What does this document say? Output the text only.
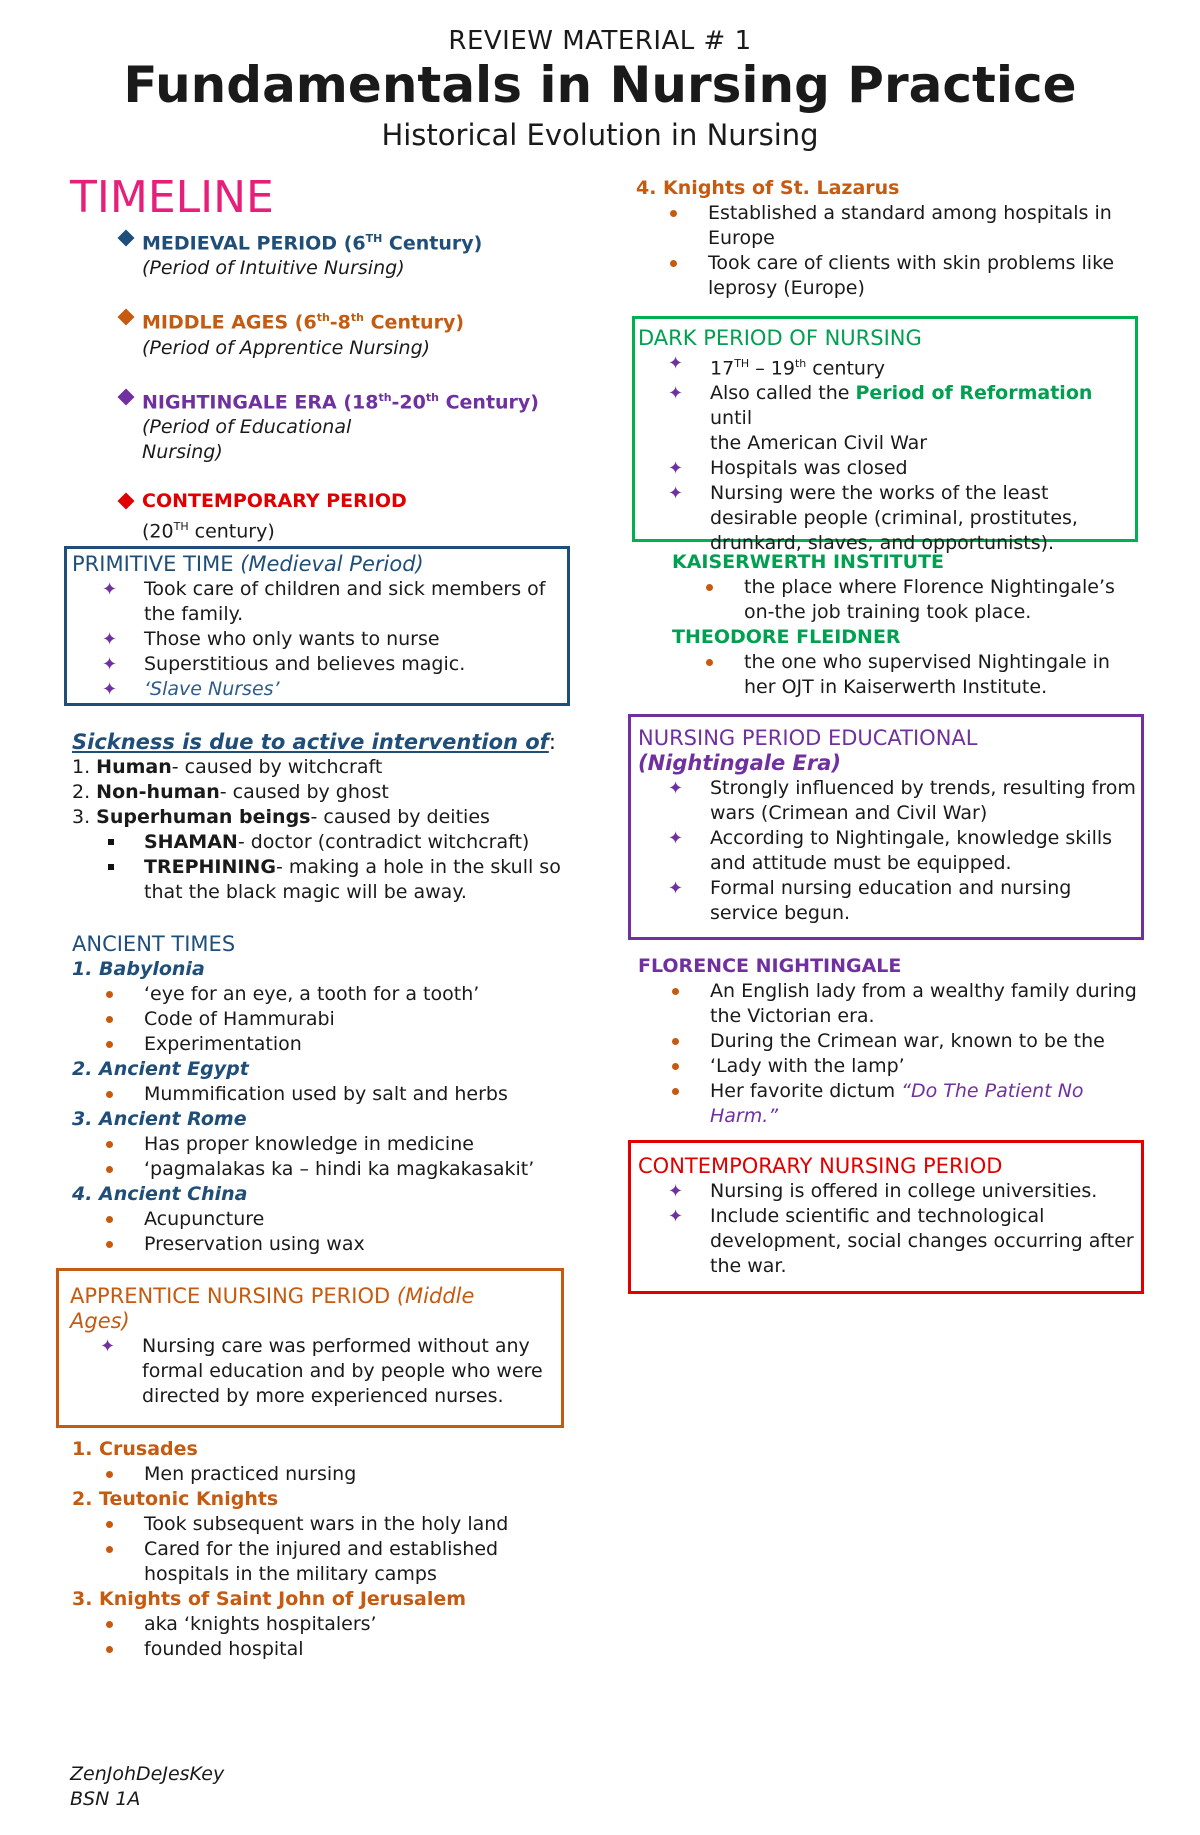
REVIEW MATERIAL # 1
Fundamentals in Nursing Practice
Historical Evolution in Nursing
TIMELINE
MEDIEVAL PERIOD (6TH Century)
(Period of Intuitive Nursing)
MIDDLE AGES (6th-8th Century)
(Period of Apprentice Nursing)
NIGHTINGALE ERA (18th-20th Century)
(Period of Educational
Nursing)
CONTEMPORARY PERIOD
(20TH century)
PRIMITIVE TIME (Medieval Period)
✦ Took care of children and sick members of
the family.
✦ Those who only wants to nurse
✦ Superstitious and believes magic.
✦ ‘Slave Nurses’
Sickness is due to active intervention of:
1. Human- caused by witchcraft
2. Non-human- caused by ghost
3. Superhuman beings- caused by deities
SHAMAN- doctor (contradict witchcraft)
TREPHINING- making a hole in the skull so
that the black magic will be away.
ANCIENT TIMES
1. Babylonia
‘eye for an eye, a tooth for a tooth’
Code of Hammurabi
Experimentation
2. Ancient Egypt
Mummification used by salt and herbs
3. Ancient Rome
Has proper knowledge in medicine
‘pagmalakas ka – hindi ka magkakasakit’
4. Ancient China
Acupuncture
Preservation using wax
APPRENTICE NURSING PERIOD (Middle
Ages)
✦ Nursing care was performed without any
formal education and by people who were
directed by more experienced nurses.
1. Crusades
Men practiced nursing
2. Teutonic Knights
Took subsequent wars in the holy land
Cared for the injured and established
hospitals in the military camps
3. Knights of Saint John of Jerusalem
aka ‘knights hospitalers’
founded hospital
ZenJohDeJesKey
BSN 1A
4. Knights of St. Lazarus
Established a standard among hospitals in
Europe
Took care of clients with skin problems like
leprosy (Europe)
DARK PERIOD OF NURSING
✦ 17TH – 19th century
✦ Also called the Period of Reformation until
the American Civil War
✦ Hospitals was closed
✦ Nursing were the works of the least
desirable people (criminal, prostitutes,
drunkard, slaves, and opportunists).
KAISERWERTH INSTITUTE
the place where Florence Nightingale’s
on-the job training took place.
THEODORE FLEIDNER
the one who supervised Nightingale in
her OJT in Kaiserwerth Institute.
NURSING PERIOD EDUCATIONAL
(Nightingale Era)
✦ Strongly influenced by trends, resulting from
wars (Crimean and Civil War)
✦ According to Nightingale, knowledge skills
and attitude must be equipped.
✦ Formal nursing education and nursing
service begun.
FLORENCE NIGHTINGALE
An English lady from a wealthy family during
the Victorian era.
During the Crimean war, known to be the
‘Lady with the lamp’
Her favorite dictum “Do The Patient No
Harm.”
CONTEMPORARY NURSING PERIOD
✦ Nursing is offered in college universities.
✦ Include scientific and technological
development, social changes occurring after
the war.
